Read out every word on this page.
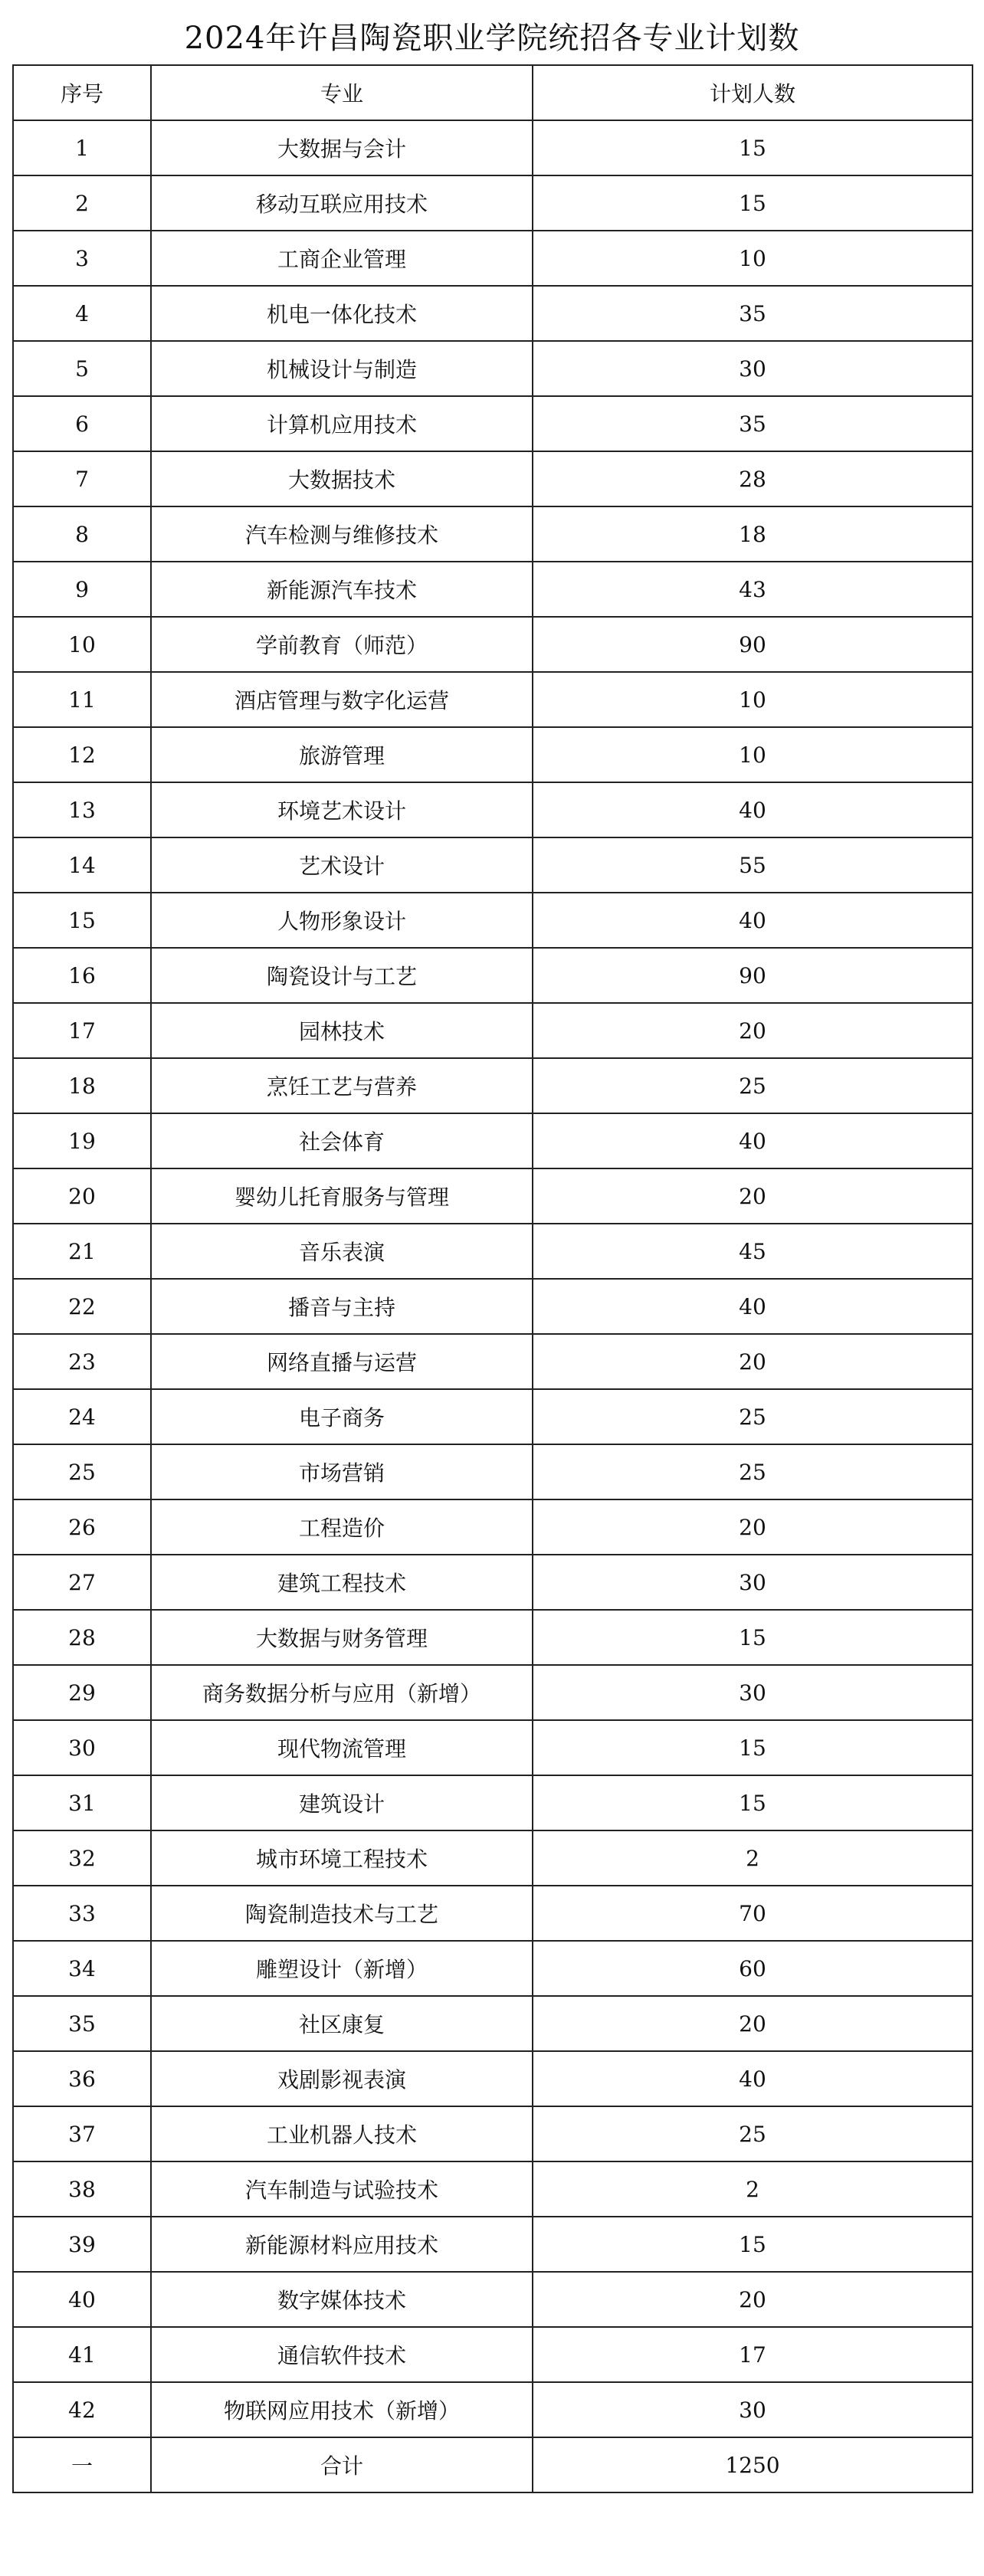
2024年许昌陶瓷职业学院统招各专业计划数
序号	专业	计划人数
1	大数据与会计	15
2	移动互联应用技术	15
3	工商企业管理	10
4	机电一体化技术	35
5	机械设计与制造	30
6	计算机应用技术	35
7	大数据技术	28
8	汽车检测与维修技术	18
9	新能源汽车技术	43
10	学前教育（师范）	90
11	酒店管理与数字化运营	10
12	旅游管理	10
13	环境艺术设计	40
14	艺术设计	55
15	人物形象设计	40
16	陶瓷设计与工艺	90
17	园林技术	20
18	烹饪工艺与营养	25
19	社会体育	40
20	婴幼儿托育服务与管理	20
21	音乐表演	45
22	播音与主持	40
23	网络直播与运营	20
24	电子商务	25
25	市场营销	25
26	工程造价	20
27	建筑工程技术	30
28	大数据与财务管理	15
29	商务数据分析与应用（新增）	30
30	现代物流管理	15
31	建筑设计	15
32	城市环境工程技术	2
33	陶瓷制造技术与工艺	70
34	雕塑设计（新增）	60
35	社区康复	20
36	戏剧影视表演	40
37	工业机器人技术	25
38	汽车制造与试验技术	2
39	新能源材料应用技术	15
40	数字媒体技术	20
41	通信软件技术	17
42	物联网应用技术（新增）	30
一	合计	1250
